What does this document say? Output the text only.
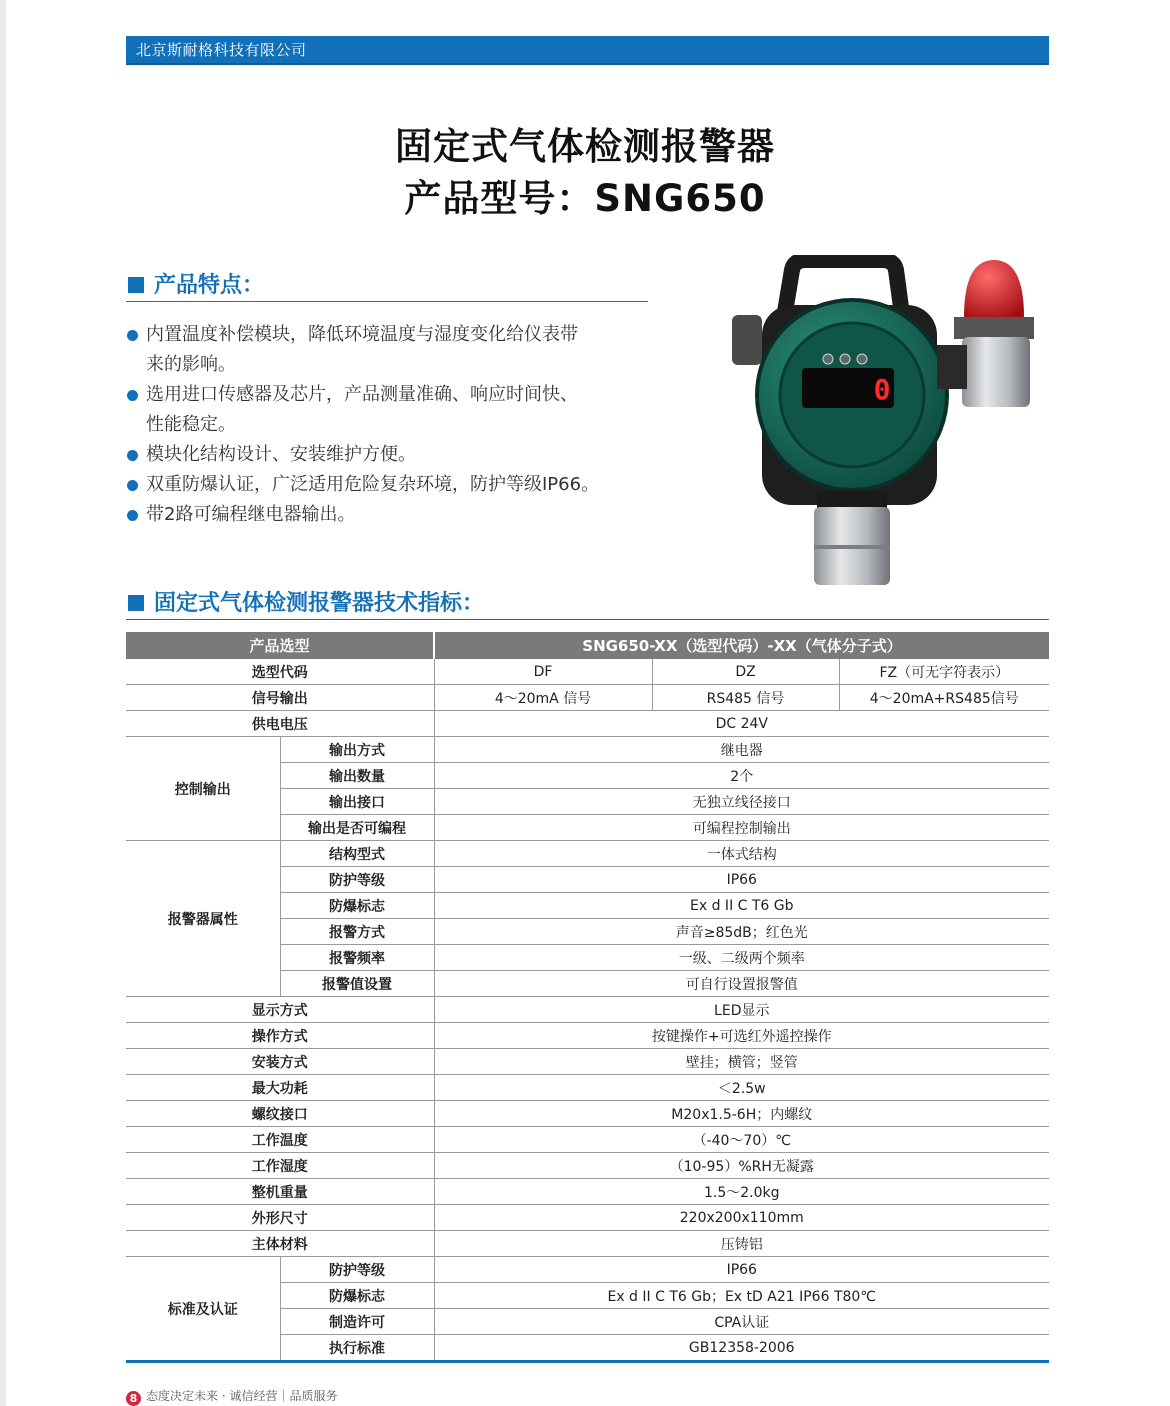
北京斯耐格科技有限公司
固定式气体检测报警器
产品型号：SNG650
产品特点：
内置温度补偿模块，降低环境温度与湿度变化给仪表带
来的影响。
选用进口传感器及芯片，产品测量准确、响应时间快、
性能稳定。
模块化结构设计、安装维护方便。
双重防爆认证，广泛适用危险复杂环境，防护等级IP66。
带2路可编程继电器输出。
0
固定式气体检测报警器技术指标：
产品选型		SNG650-XX（选型代码）-XX（气体分子式）		
选型代码		DF	DZ	FZ（可无字符表示）
信号输出		4～20mA 信号	RS485 信号	4～20mA+RS485信号
供电电压		DC 24V		
控制输出	输出方式	继电器		
	输出数量	2个		
	输出接口	无独立线径接口		
	输出是否可编程	可编程控制输出		
报警器属性	结构型式	一体式结构		
	防护等级	IP66		
	防爆标志	Ex d II C T6 Gb		
	报警方式	声音≥85dB；红色光		
	报警频率	一级、二级两个频率		
	报警值设置	可自行设置报警值		
显示方式		LED显示		
操作方式		按键操作+可选红外遥控操作		
安装方式		壁挂；横管；竖管		
最大功耗		＜2.5w		
螺纹接口		M20x1.5-6H；内螺纹		
工作温度		（-40～70）℃		
工作湿度		（10-95）%RH无凝露		
整机重量		1.5～2.0kg		
外形尺寸		220x200x110mm		
主体材料		压铸铝		
标准及认证	防护等级	IP66		
	防爆标志	Ex d II C T6 Gb；Ex tD A21 IP66 T80℃		
	制造许可	CPA认证		
	执行标准	GB12358-2006		
8 态度决定未来 · 诚信经营｜品质服务
